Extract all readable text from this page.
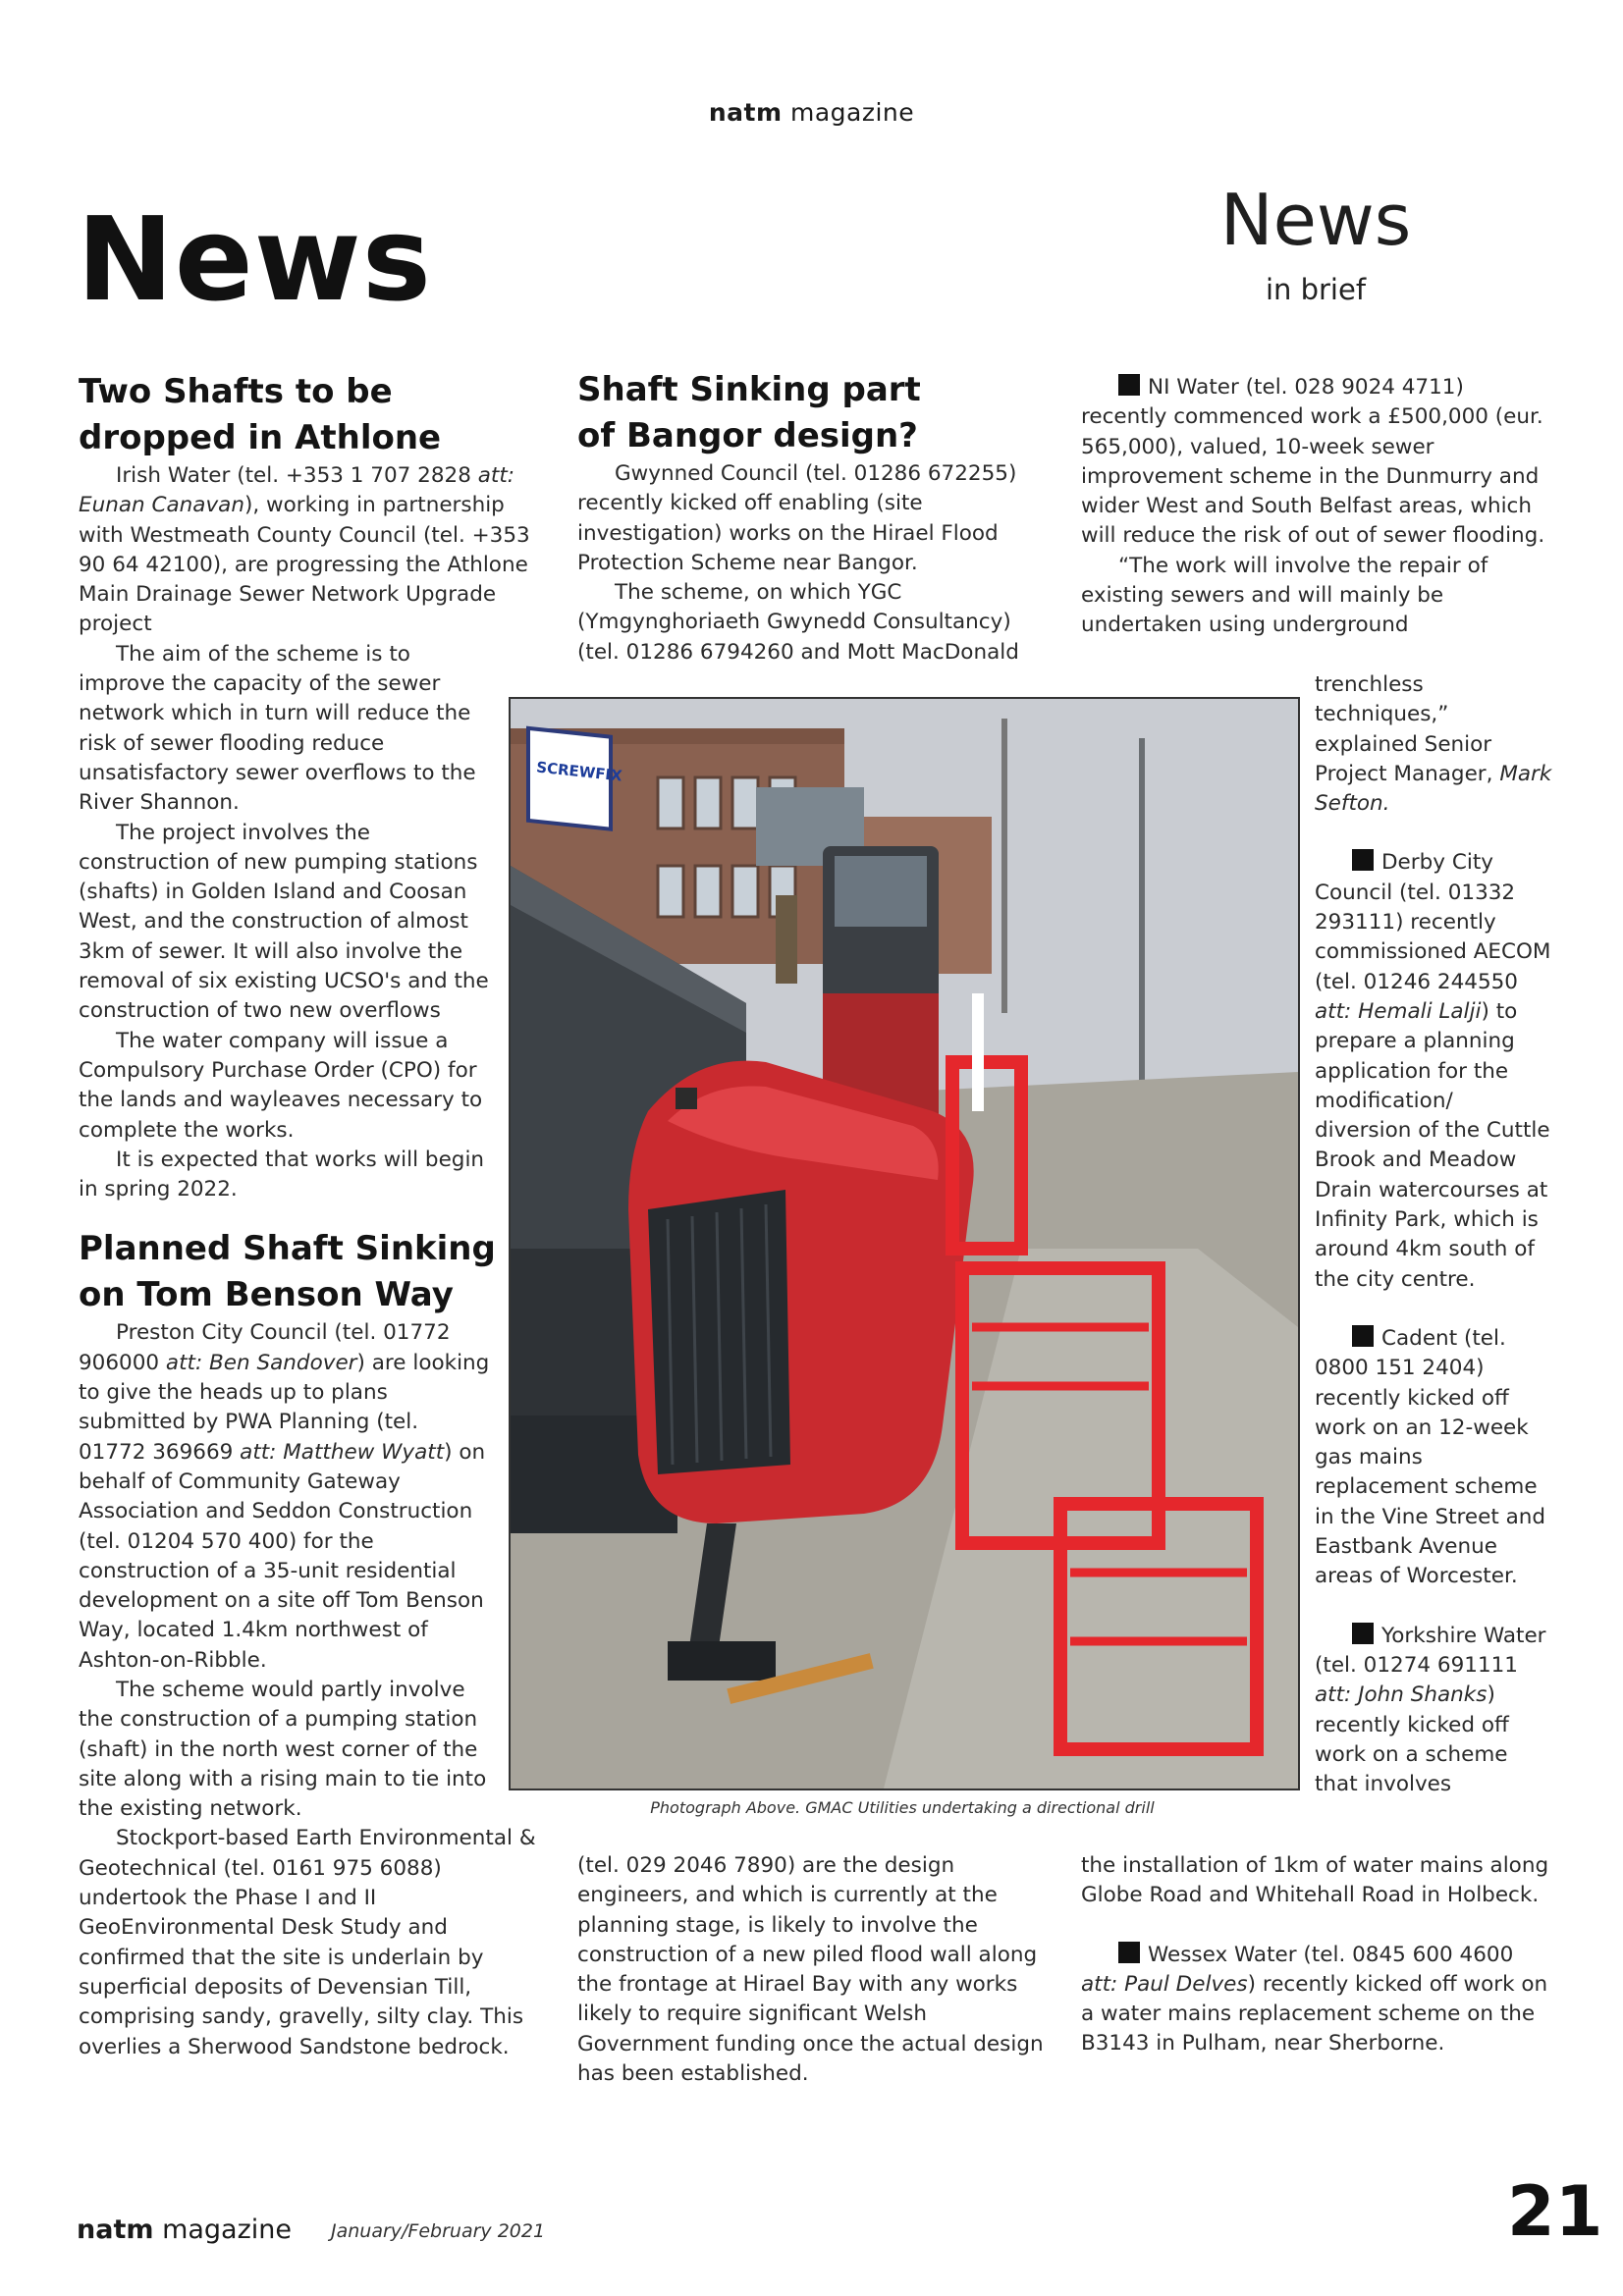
natm magazine
News	News
in brief
Two Shafts to be
dropped in Athlone

Irish Water (tel. +353 1 707 2828 att: Eunan Canavan), working in partnership with Westmeath County Council (tel. +353 90 64 42100), are progressing the Athlone Main Drainage Sewer Network Upgrade project

The aim of the scheme is to improve the capacity of the sewer network which in turn will reduce the risk of sewer flooding reduce unsatisfactory sewer overflows to the River Shannon.

The project involves the construction of new pumping stations (shafts) in Golden Island and Coosan West, and the construction of almost 3km of sewer. It will also involve the removal of six existing UCSO's and the construction of two new overflows

The water company will issue a Compulsory Purchase Order (CPO) for the lands and wayleaves necessary to complete the works.

It is expected that works will begin in spring 2022.

Planned Shaft Sinking
on Tom Benson Way

Preston City Council (tel. 01772 906000 att: Ben Sandover) are looking to give the heads up to plans submitted by PWA Planning (tel. 01772 369669 att: Matthew Wyatt) on behalf of Community Gateway Association and Seddon Construction (tel. 01204 570 400) for the construction of a 35-unit residential development on a site off Tom Benson Way, located 1.4km northwest of Ashton-on-Ribble.

The scheme would partly involve the construction of a pumping station (shaft) in the north west corner of the site along with a rising main to tie into the existing network.

Stockport-based Earth Environmental & Geotechnical (tel. 0161 975 6088) undertook the Phase I and II GeoEnvironmental Desk Study and confirmed that the site is underlain by superficial deposits of Devensian Till, comprising sandy, gravelly, silty clay. This overlies a Sherwood Sandstone bedrock.

Shaft Sinking part
of Bangor design?

Gwynned Council (tel. 01286 672255) recently kicked off enabling (site investigation) works on the Hirael Flood Protection Scheme near Bangor.

The scheme, on which YGC (Ymgynghoriaeth Gwynedd Consultancy) (tel. 01286 6794260 and Mott MacDonald

(tel. 029 2046 7890) are the design engineers, and which is currently at the planning stage, is likely to involve the construction of a new piled flood wall along the frontage at Hirael Bay with any works likely to require significant Welsh Government funding once the actual design has been established.

NI Water (tel. 028 9024 4711) recently commenced work a £500,000 (eur. 565,000), valued, 10-week sewer improvement scheme in the Dunmurry and wider West and South Belfast areas, which will reduce the risk of out of sewer flooding.

“The work will involve the repair of existing sewers and will mainly be undertaken using underground

trenchless techniques,” explained Senior Project Manager, Mark Sefton.

Derby City Council (tel. 01332 293111) recently commissioned AECOM (tel. 01246 244550 att: Hemali Lalji) to prepare a planning application for the modification/ diversion of the Cuttle Brook and Meadow Drain watercourses at Infinity Park, which is around 4km south of the city centre.

Cadent (tel. 0800 151 2404) recently kicked off work on an 12-week gas mains replacement scheme in the Vine Street and Eastbank Avenue areas of Worcester.

Yorkshire Water (tel. 01274 691111 att: John Shanks) recently kicked off work on a scheme that involves

the installation of 1km of water mains along Globe Road and Whitehall Road in Holbeck.

Wessex Water (tel. 0845 600 4600 att: Paul Delves) recently kicked off work on a water mains replacement scheme on the B3143 in Pulham, near Sherborne.

SCREWFIX
Photograph Above. GMAC Utilities undertaking a directional drill
natm magazine January/February 2021	21
